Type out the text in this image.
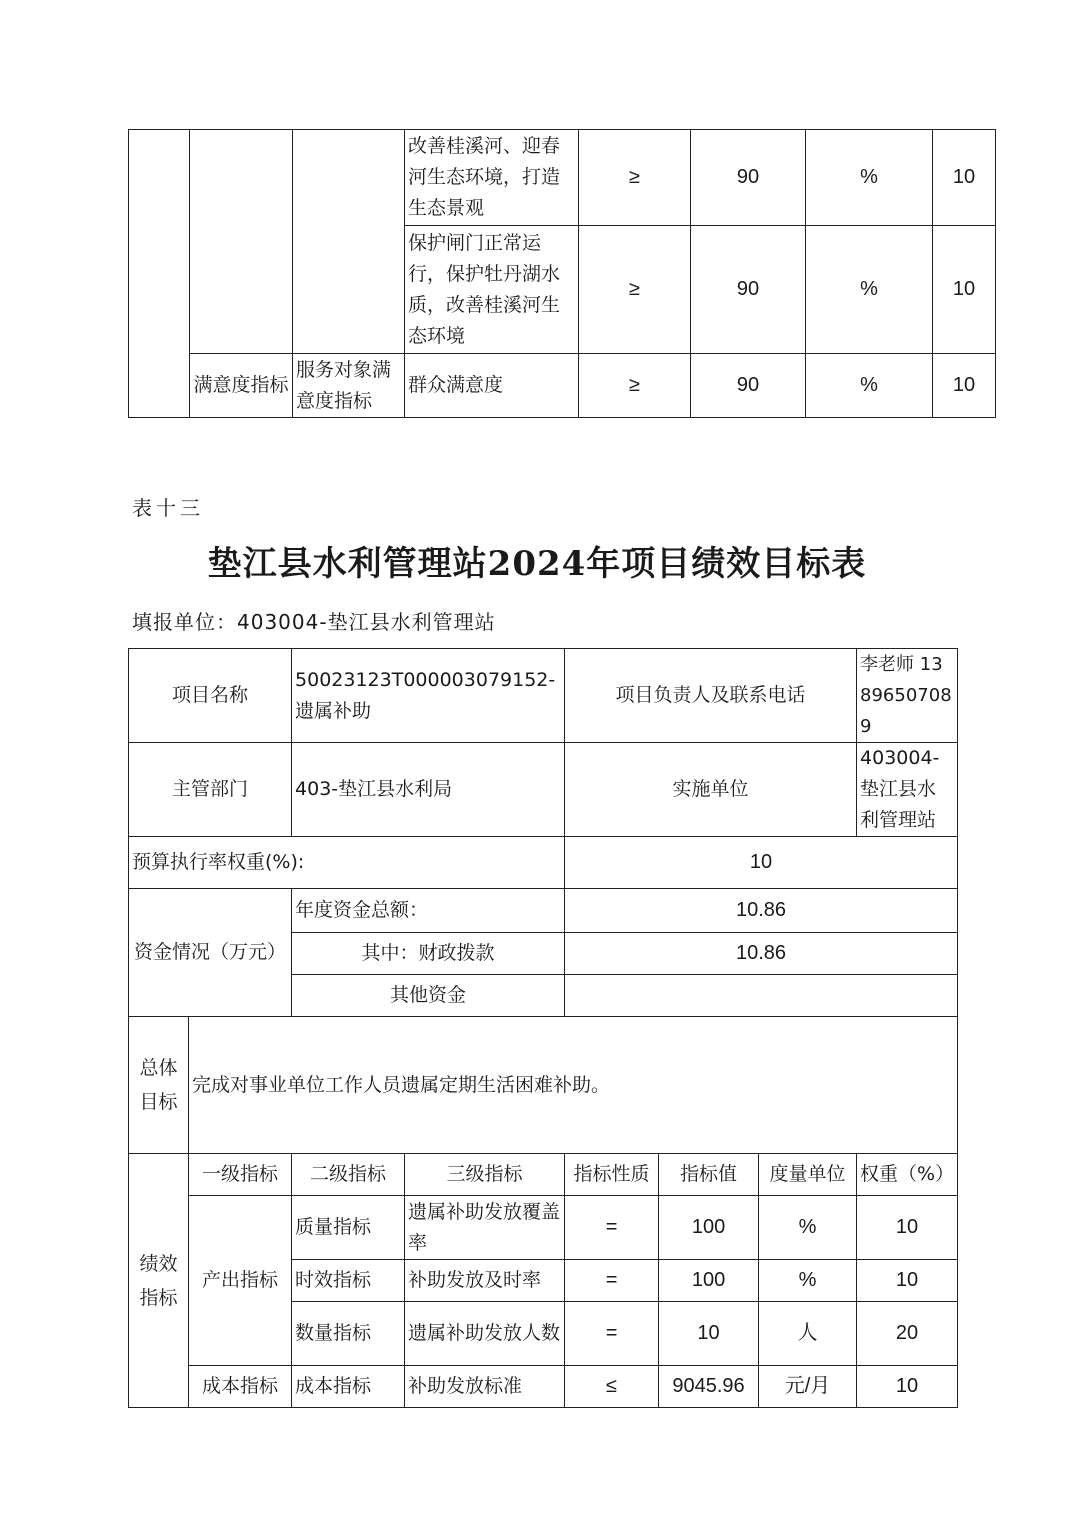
			改善桂溪河、迎春河生态环境，打造生态景观	≥	90	%	10
			保护闸门正常运行，保护牡丹湖水质，改善桂溪河生态环境	≥	90	%	10
	满意度指标	服务对象满意度指标	群众满意度	≥	90	%	10
表十三
垫江县水利管理站2024年项目绩效目标表
填报单位：403004-垫江县水利管理站
项目名称		50023123T000003079152-遗属补助		项目负责人及联系电话			李老师 13896507089
主管部门		403-垫江县水利局		实施单位			403004-垫江县水利管理站
预算执行率权重(%):				10			
资金情况（万元）		年度资金总额：		10.86			
		其中：财政拨款		10.86			
		其他资金					
总体目标	完成对事业单位工作人员遗属定期生活困难补助。						
绩效指标	一级指标	二级指标	三级指标	指标性质	指标值	度量单位	权重（%）
	产出指标	质量指标	遗属补助发放覆盖率	=	100	%	10
		时效指标	补助发放及时率	=	100	%	10
		数量指标	遗属补助发放人数	=	10	人	20
	成本指标	成本指标	补助发放标准	≤	9045.96	元/月	10
